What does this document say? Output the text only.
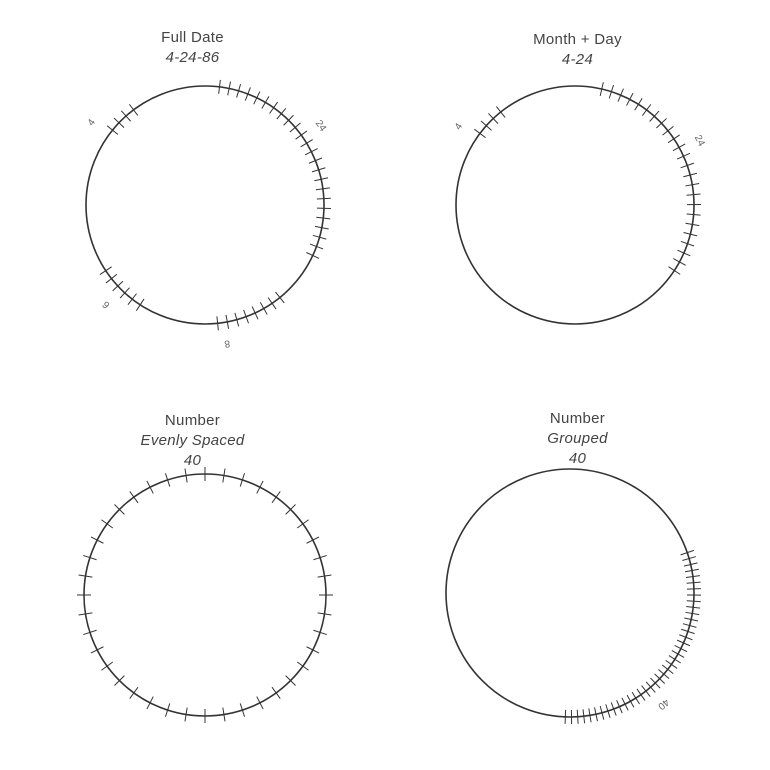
Full Date
4-24-86
4	24
8
6
Month + Day
4-24
4
24
Number
Evenly Spaced
40
Number
Grouped
40
40
